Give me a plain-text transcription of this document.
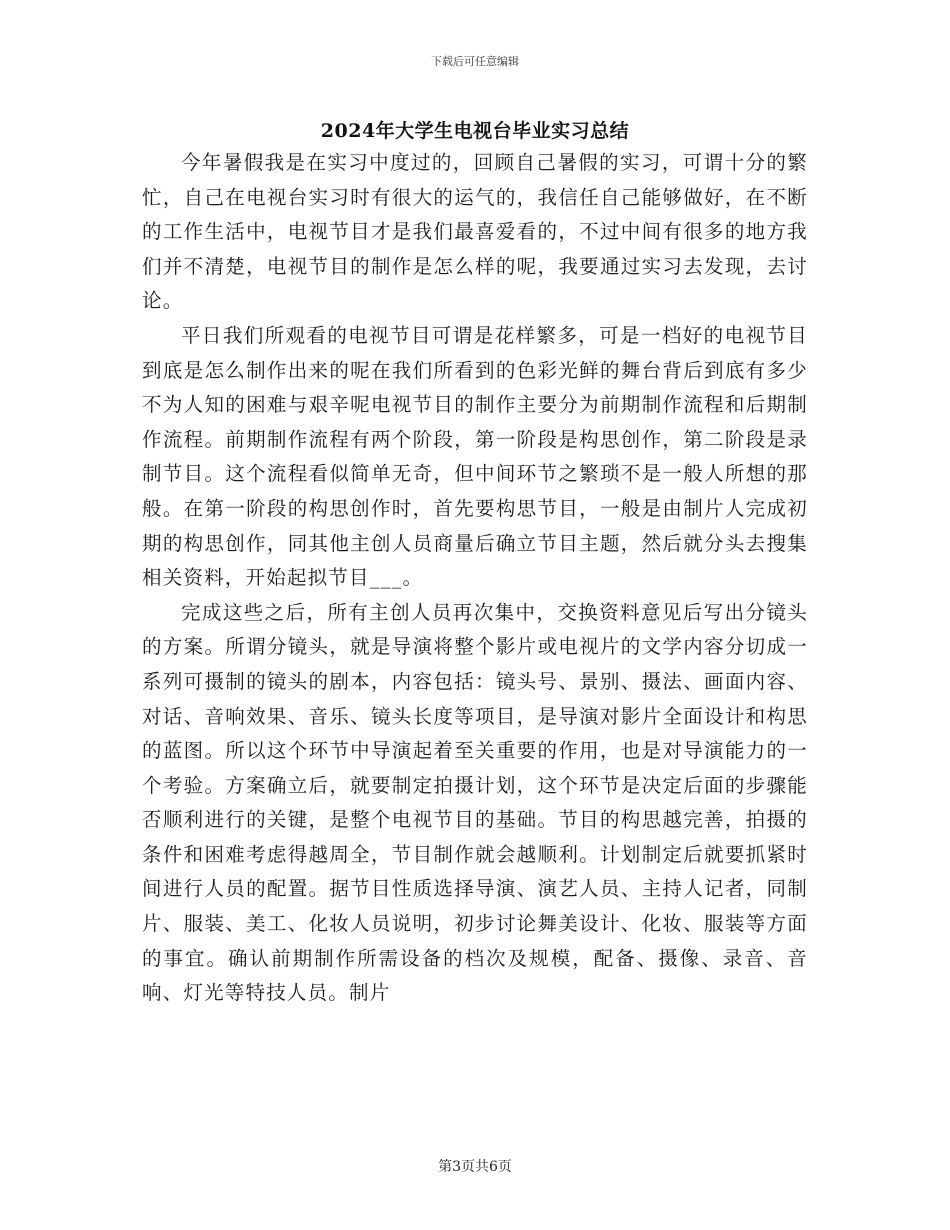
下载后可任意编辑
2024年大学生电视台毕业实习总结

今年暑假我是在实习中度过的，回顾自己暑假的实习，可谓十分的繁忙，自己在电视台实习时有很大的运气的，我信任自己能够做好，在不断的工作生活中，电视节目才是我们最喜爱看的，不过中间有很多的地方我们并不清楚，电视节目的制作是怎么样的呢，我要通过实习去发现，去讨论。

平日我们所观看的电视节目可谓是花样繁多，可是一档好的电视节目到底是怎么制作出来的呢在我们所看到的色彩光鲜的舞台背后到底有多少不为人知的困难与艰辛呢电视节目的制作主要分为前期制作流程和后期制作流程。前期制作流程有两个阶段，第一阶段是构思创作，第二阶段是录制节目。这个流程看似简单无奇，但中间环节之繁琐不是一般人所想的那般。在第一阶段的构思创作时，首先要构思节目，一般是由制片人完成初期的构思创作，同其他主创人员商量后确立节目主题，然后就分头去搜集相关资料，开始起拟节目___。

完成这些之后，所有主创人员再次集中，交换资料意见后写出分镜头的方案。所谓分镜头，就是导演将整个影片或电视片的文学内容分切成一系列可摄制的镜头的剧本，内容包括：镜头号、景别、摄法、画面内容、对话、音响效果、音乐、镜头长度等项目，是导演对影片全面设计和构思的蓝图。所以这个环节中导演起着至关重要的作用，也是对导演能力的一个考验。方案确立后，就要制定拍摄计划，这个环节是决定后面的步骤能否顺利进行的关键，是整个电视节目的基础。节目的构思越完善，拍摄的条件和困难考虑得越周全，节目制作就会越顺利。计划制定后就要抓紧时间进行人员的配置。据节目性质选择导演、演艺人员、主持人记者，同制片、服装、美工、化妆人员说明，初步讨论舞美设计、化妆、服装等方面的事宜。确认前期制作所需设备的档次及规模，配备、摄像、录音、音响、灯光等特技人员。制片

第3页共6页
